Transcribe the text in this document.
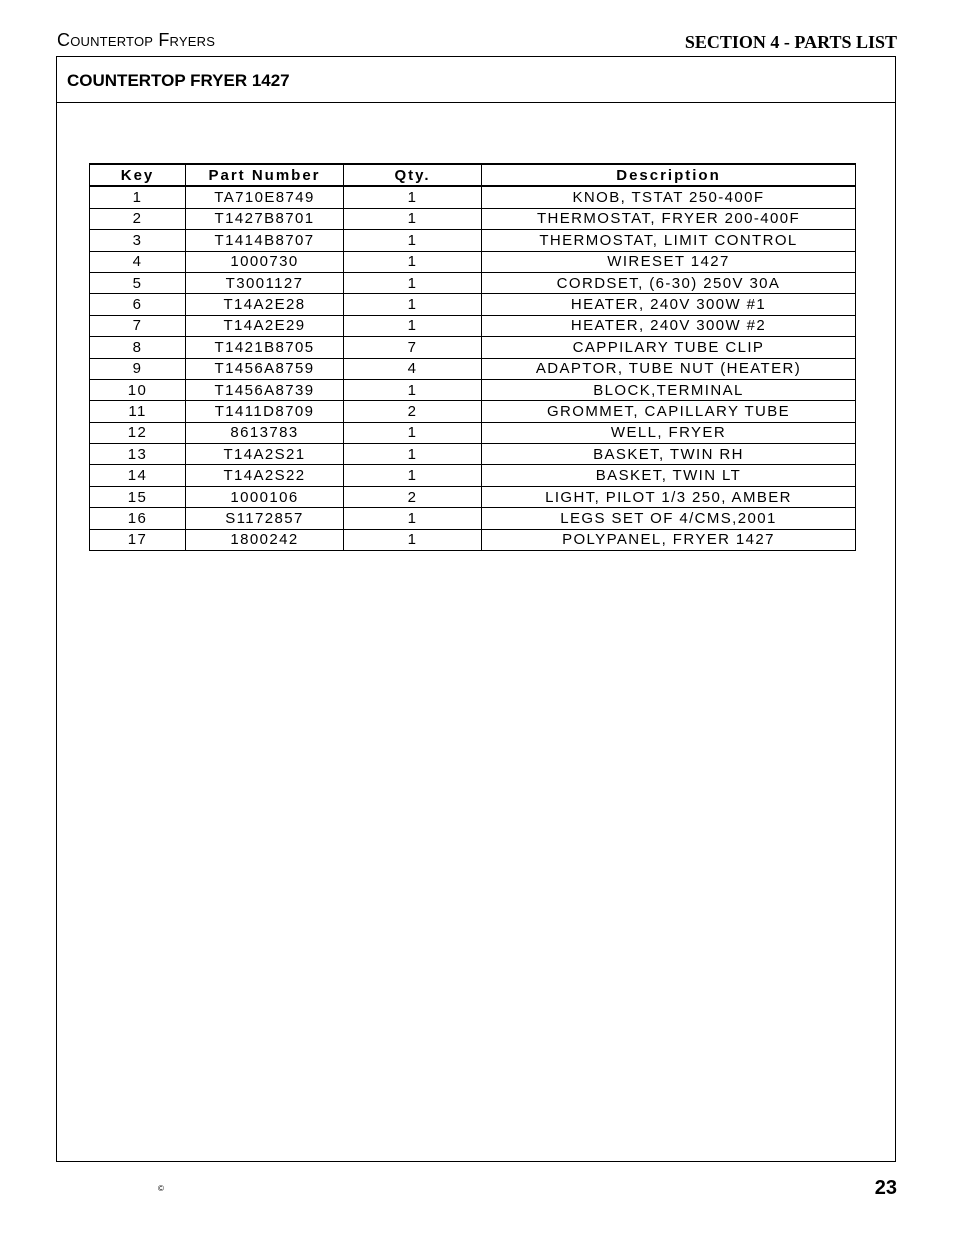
Countertop Fryers	SECTION 4 - PARTS LIST
COUNTERTOP FRYER 1427
Key	Part Number	Qty.	Description
1	TA710E8749	1	KNOB, TSTAT 250-400F
2	T1427B8701	1	THERMOSTAT, FRYER 200-400F
3	T1414B8707	1	THERMOSTAT, LIMIT CONTROL
4	1000730	1	WIRESET 1427
5	T3001127	1	CORDSET, (6-30) 250V 30A
6	T14A2E28	1	HEATER, 240V 300W #1
7	T14A2E29	1	HEATER, 240V 300W #2
8	T1421B8705	7	CAPPILARY TUBE CLIP
9	T1456A8759	4	ADAPTOR, TUBE NUT (HEATER)
10	T1456A8739	1	BLOCK,TERMINAL
11	T1411D8709	2	GROMMET, CAPILLARY TUBE
12	8613783	1	WELL, FRYER
13	T14A2S21	1	BASKET, TWIN RH
14	T14A2S22	1	BASKET, TWIN LT
15	1000106	2	LIGHT, PILOT 1/3 250, AMBER
16	S1172857	1	LEGS SET OF 4/CMS,2001
17	1800242	1	POLYPANEL, FRYER 1427
©	23
